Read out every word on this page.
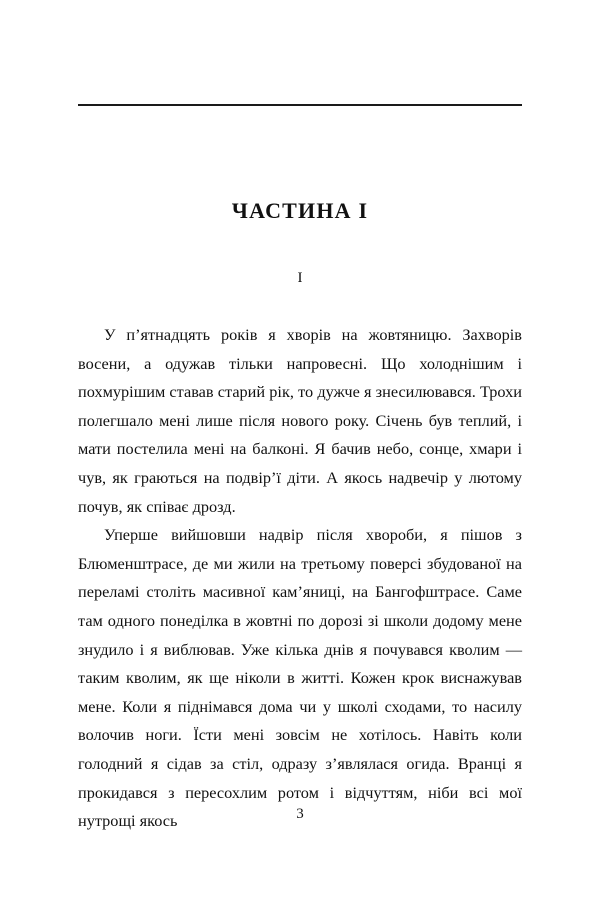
ЧАСТИНА I
I

У п’ятнадцять років я хворів на жовтяницю. Захворів восени, а одужав тільки напровесні. Що холоднішим і похмурішим ставав старий рік, то дужче я знесилювався. Трохи полегшало мені лише після нового року. Січень був теплий, і мати постелила мені на балконі. Я бачив небо, сонце, хмари і чув, як граються на подвір’ї діти. А якось надвечір у лютому почув, як співає дрозд.

Уперше вийшовши надвір після хвороби, я пішов з Блюменштрасе, де ми жили на третьому поверсі збудованої на переламі століть масивної кам’яниці, на Бангофштрасе. Саме там одного понеділка в жовтні по дорозі зі школи додому мене знудило і я виблював. Уже кілька днів я почувався кволим — таким кволим, як ще ніколи в житті. Кожен крок виснажував мене. Коли я піднімався дома чи у школі сходами, то насилу волочив ноги. Їсти мені зовсім не хотілось. Навіть коли голодний я сідав за стіл, одразу з’являлася огида. Вранці я прокидався з пересохлим ротом і відчуттям, ніби всі мої нутрощі якось	3
